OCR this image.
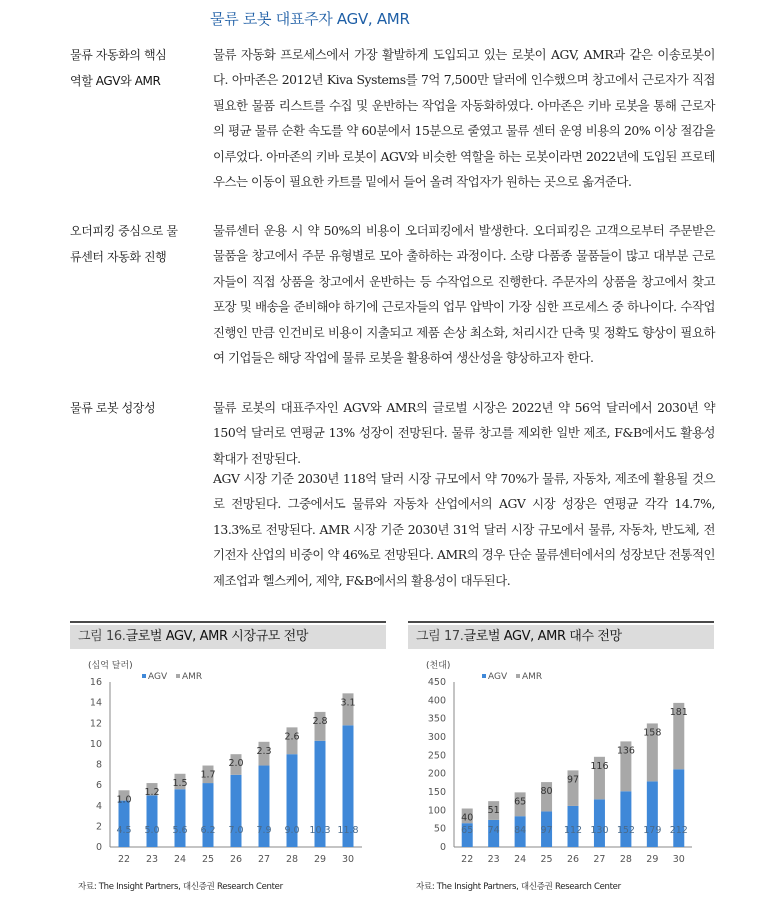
물류 로봇 대표주자 AGV, AMR
물류 자동화의 핵심
역할 AGV와 AMR
물류 자동화 프로세스에서 가장 활발하게 도입되고 있는 로봇이 AGV, AMR과 같은 이송로봇이다. 아마존은 2012년 Kiva Systems를 7억 7,500만 달러에 인수했으며 창고에서 근로자가 직접 필요한 물품 리스트를 수집 및 운반하는 작업을 자동화하였다. 아마존은 키바 로봇을 통해 근로자의 평균 물류 순환 속도를 약 60분에서 15분으로 줄였고 물류 센터 운영 비용의 20% 이상 절감을 이루었다. 아마존의 키바 로봇이 AGV와 비슷한 역할을 하는 로봇이라면 2022년에 도입된 프로테우스는 이동이 필요한 카트를 밑에서 들어 올려 작업자가 원하는 곳으로 옮겨준다.
오더피킹 중심으로 물
류센터 자동화 진행
물류센터 운용 시 약 50%의 비용이 오더피킹에서 발생한다. 오더피킹은 고객으로부터 주문받은 물품을 창고에서 주문 유형별로 모아 출하하는 과정이다. 소량 다품종 물품들이 많고 대부분 근로자들이 직접 상품을 창고에서 운반하는 등 수작업으로 진행한다. 주문자의 상품을 창고에서 찾고 포장 및 배송을 준비해야 하기에 근로자들의 업무 압박이 가장 심한 프로세스 중 하나이다. 수작업 진행인 만큼 인건비로 비용이 지출되고 제품 손상 최소화, 처리시간 단축 및 정확도 향상이 필요하여 기업들은 해당 작업에 물류 로봇을 활용하여 생산성을 향상하고자 한다.
물류 로봇 성장성	물류 로봇의 대표주자인 AGV와 AMR의 글로벌 시장은 2022년 약 56억 달러에서 2030년 약 150억 달러로 연평균 13% 성장이 전망된다. 물류 창고를 제외한 일반 제조, F&B에서도 활용성 확대가 전망된다.
AGV 시장 기준 2030년 118억 달러 시장 규모에서 약 70%가 물류, 자동차, 제조에 활용될 것으로 전망된다. 그중에서도 물류와 자동차 산업에서의 AGV 시장 성장은 연평균 각각 14.7%, 13.3%로 전망된다. AMR 시장 기준 2030년 31억 달러 시장 규모에서 물류, 자동차, 반도체, 전기전자 산업의 비중이 약 46%로 전망된다. AMR의 경우 단순 물류센터에서의 성장보단 전통적인 제조업과 헬스케어, 제약, F&B에서의 활용성이 대두된다.
그림 16.글로벌 AGV, AMR 시장규모 전망
(십억 달러)
AGV AMR
0
2
4
6
8
10
12
14
16
4.5
1.0
22
5.0
1.2
23
5.6
1.5
24
6.2
1.7
25
7.0
2.0
26
7.9
2.3
27
9.0
2.6
28
10.3
2.8
29
11.8
3.1
30
자료: The Insight Partners, 대신증권 Research Center
그림 17.글로벌 AGV, AMR 대수 전망
(천대)
AGV AMR
0
50
100
150
200
250
300
350
400
450
65
40
22
74
51
23
84
65
24
97
80
25
112
97
26
130
116
27
152
136
28
179
158
29
212
181
30
자료: The Insight Partners, 대신증권 Research Center
